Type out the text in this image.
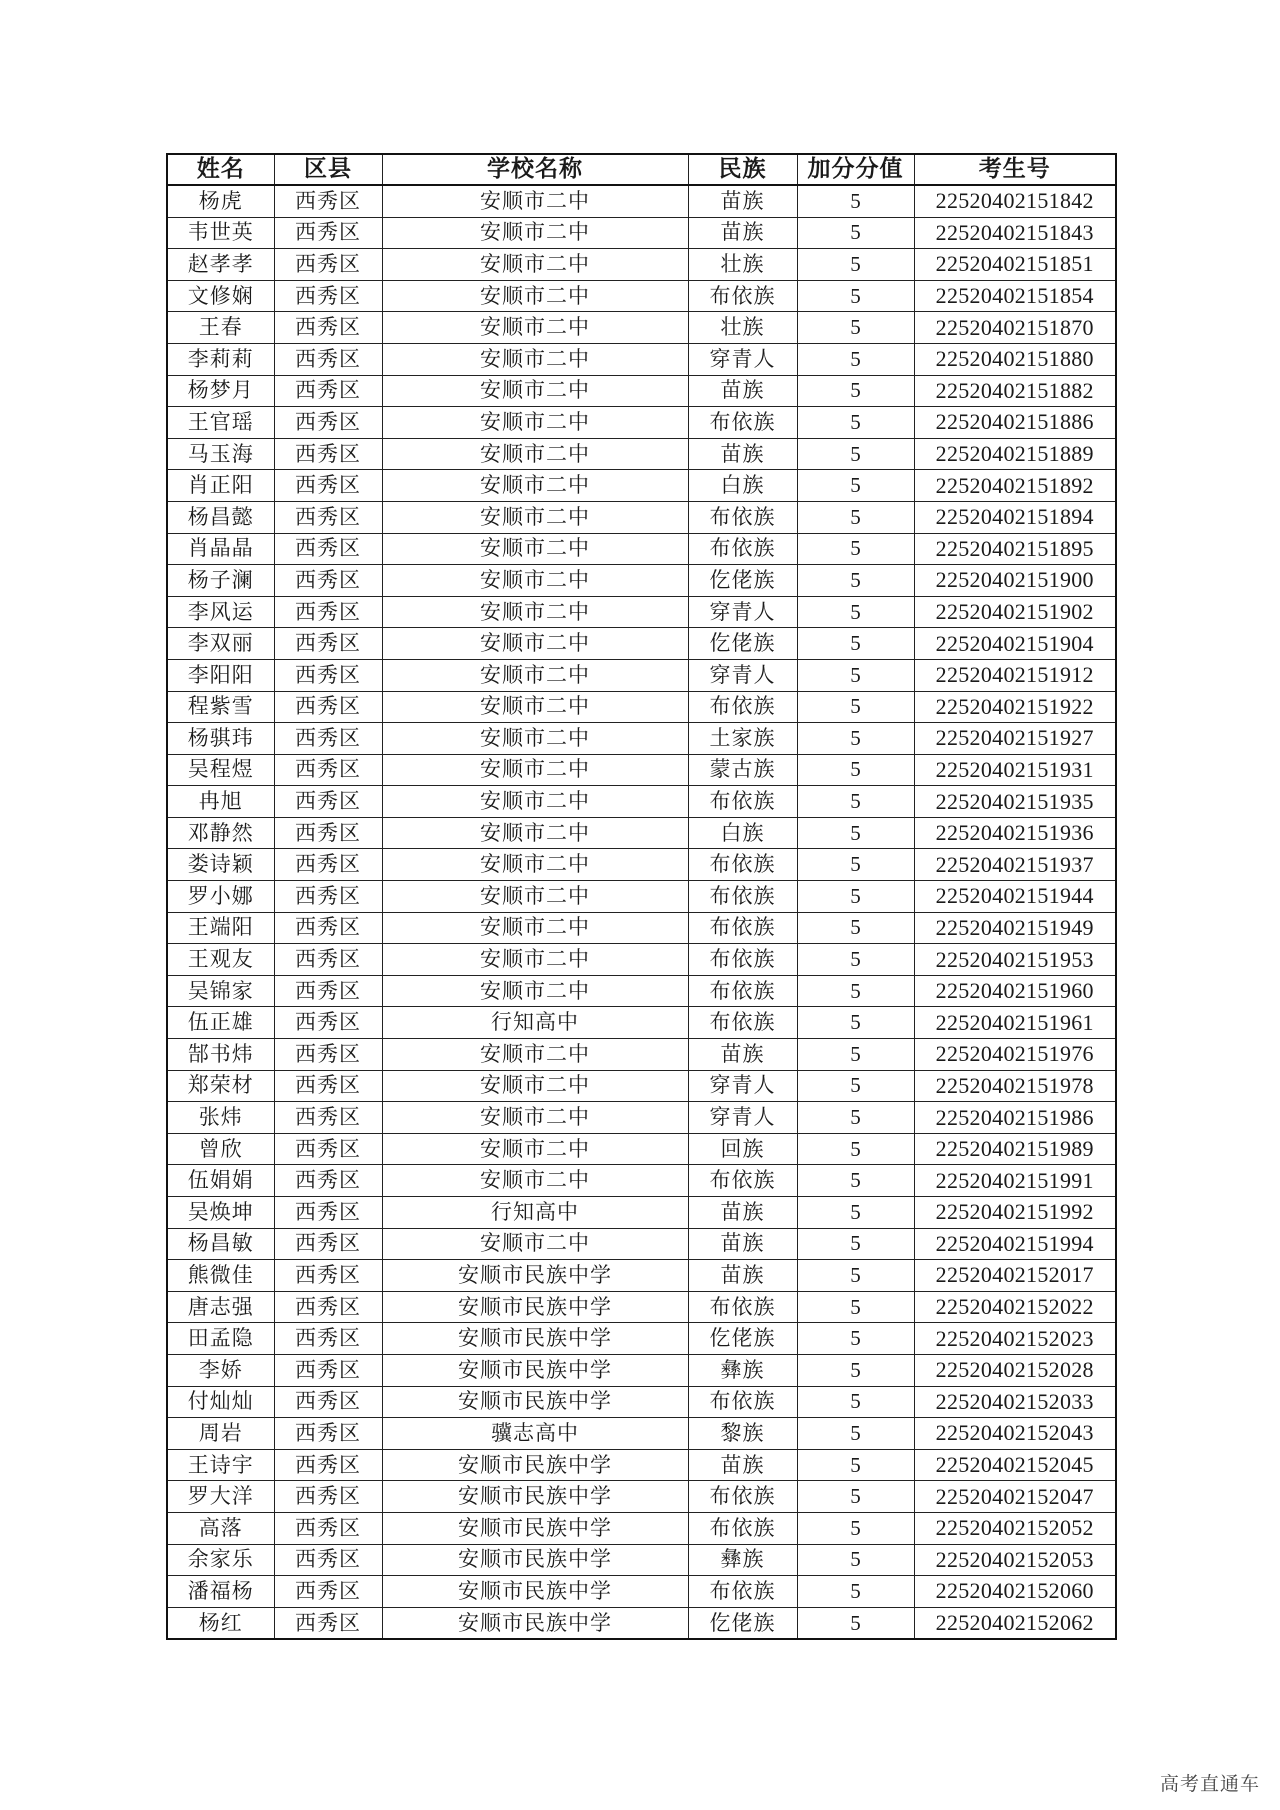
姓名	区县	学校名称	民族	加分分值	考生号
杨虎	西秀区	安顺市二中	苗族	5	22520402151842
韦世英	西秀区	安顺市二中	苗族	5	22520402151843
赵孝孝	西秀区	安顺市二中	壮族	5	22520402151851
文修娴	西秀区	安顺市二中	布依族	5	22520402151854
王春	西秀区	安顺市二中	壮族	5	22520402151870
李莉莉	西秀区	安顺市二中	穿青人	5	22520402151880
杨梦月	西秀区	安顺市二中	苗族	5	22520402151882
王官瑶	西秀区	安顺市二中	布依族	5	22520402151886
马玉海	西秀区	安顺市二中	苗族	5	22520402151889
肖正阳	西秀区	安顺市二中	白族	5	22520402151892
杨昌懿	西秀区	安顺市二中	布依族	5	22520402151894
肖晶晶	西秀区	安顺市二中	布依族	5	22520402151895
杨子澜	西秀区	安顺市二中	仡佬族	5	22520402151900
李风运	西秀区	安顺市二中	穿青人	5	22520402151902
李双丽	西秀区	安顺市二中	仡佬族	5	22520402151904
李阳阳	西秀区	安顺市二中	穿青人	5	22520402151912
程紫雪	西秀区	安顺市二中	布依族	5	22520402151922
杨骐玮	西秀区	安顺市二中	土家族	5	22520402151927
吴程煜	西秀区	安顺市二中	蒙古族	5	22520402151931
冉旭	西秀区	安顺市二中	布依族	5	22520402151935
邓静然	西秀区	安顺市二中	白族	5	22520402151936
娄诗颖	西秀区	安顺市二中	布依族	5	22520402151937
罗小娜	西秀区	安顺市二中	布依族	5	22520402151944
王端阳	西秀区	安顺市二中	布依族	5	22520402151949
王观友	西秀区	安顺市二中	布依族	5	22520402151953
吴锦家	西秀区	安顺市二中	布依族	5	22520402151960
伍正雄	西秀区	行知高中	布依族	5	22520402151961
郜书炜	西秀区	安顺市二中	苗族	5	22520402151976
郑荣材	西秀区	安顺市二中	穿青人	5	22520402151978
张炜	西秀区	安顺市二中	穿青人	5	22520402151986
曾欣	西秀区	安顺市二中	回族	5	22520402151989
伍娟娟	西秀区	安顺市二中	布依族	5	22520402151991
吴焕坤	西秀区	行知高中	苗族	5	22520402151992
杨昌敏	西秀区	安顺市二中	苗族	5	22520402151994
熊微佳	西秀区	安顺市民族中学	苗族	5	22520402152017
唐志强	西秀区	安顺市民族中学	布依族	5	22520402152022
田孟隐	西秀区	安顺市民族中学	仡佬族	5	22520402152023
李娇	西秀区	安顺市民族中学	彝族	5	22520402152028
付灿灿	西秀区	安顺市民族中学	布依族	5	22520402152033
周岩	西秀区	骥志高中	黎族	5	22520402152043
王诗宇	西秀区	安顺市民族中学	苗族	5	22520402152045
罗大洋	西秀区	安顺市民族中学	布依族	5	22520402152047
高落	西秀区	安顺市民族中学	布依族	5	22520402152052
余家乐	西秀区	安顺市民族中学	彝族	5	22520402152053
潘福杨	西秀区	安顺市民族中学	布依族	5	22520402152060
杨红	西秀区	安顺市民族中学	仡佬族	5	22520402152062
高考直通车
